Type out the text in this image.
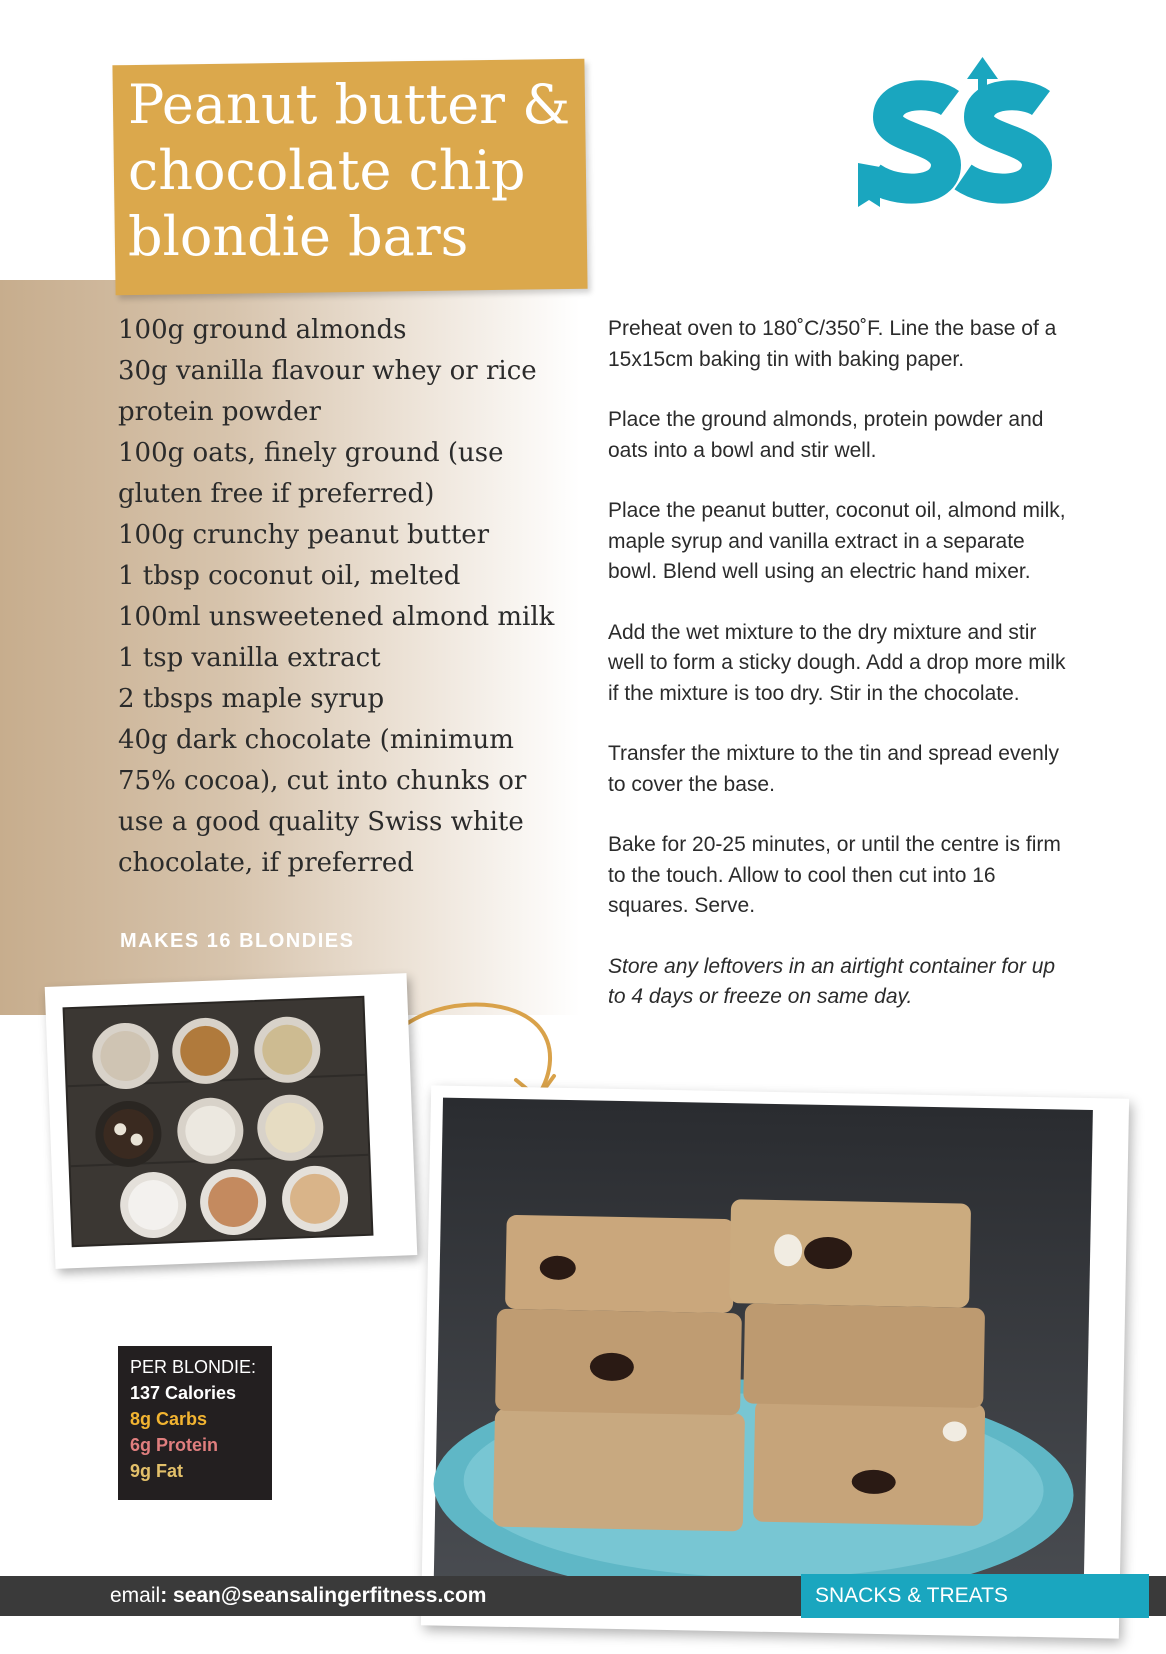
Peanut butter & chocolate chip blondie bars
100g ground almonds
30g vanilla flavour whey or rice protein powder
100g oats, finely ground (use gluten free if preferred)
100g crunchy peanut butter
1 tbsp coconut oil, melted
100ml unsweetened almond milk
1 tsp vanilla extract
2 tbsps maple syrup
40g dark chocolate (minimum 75% cocoa), cut into chunks or use a good quality Swiss white chocolate, if preferred
MAKES 16 BLONDIES

Preheat oven to 180˚C/350˚F. Line the base of a 15x15cm baking tin with baking paper.

Place the ground almonds, protein powder and oats into a bowl and stir well.

Place the peanut butter, coconut oil, almond milk, maple syrup and vanilla extract in a separate bowl. Blend well using an electric hand mixer.

Add the wet mixture to the dry mixture and stir well to form a sticky dough. Add a drop more milk if the mixture is too dry. Stir in the chocolate.

Transfer the mixture to the tin and spread evenly to cover the base.

Bake for 20-25 minutes, or until the centre is firm to the touch. Allow to cool then cut into 16 squares. Serve.

Store any leftovers in an airtight container for up to 4 days or freeze on same day.

PER BLONDIE:
137 Calories
8g Carbs
6g Protein
9g Fat
email: sean@seansalingerfitness.com	SNACKS & TREATS
